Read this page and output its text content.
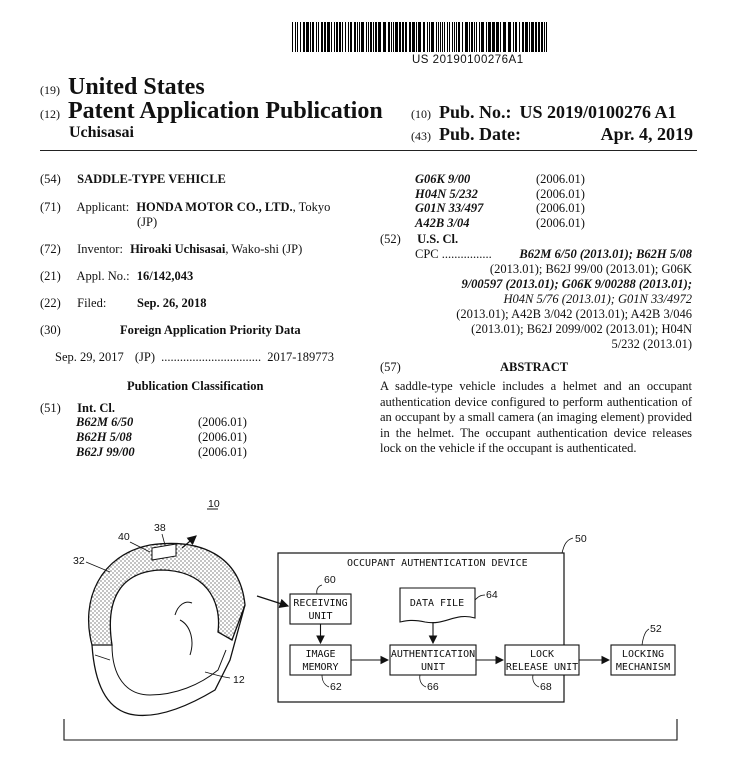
US 20190100276A1
(19) United States
(12) Patent Application Publication
Uchisasai
(10) Pub. No.: US 2019/0100276 A1
(43) Pub. Date:	Apr. 4, 2019
(54) SADDLE-TYPE VEHICLE
(71) Applicant: HONDA MOTOR CO., LTD., Tokyo
(JP)
(72) Inventor: Hiroaki Uchisasai, Wako-shi (JP)
(21) Appl. No.: 16/142,043
(22) Filed: Sep. 26, 2018
(30)	Foreign Application Priority Data
Sep. 29, 2017 (JP) ................................ 2017-189773
Publication Classification
(51) Int. Cl.
B62M 6/50	(2006.01)
B62H 5/08	(2006.01)
B62J 99/00	(2006.01)
G06K 9/00	(2006.01)
H04N 5/232	(2006.01)
G01N 33/497	(2006.01)
A42B 3/04	(2006.01)
(52) U.S. Cl.
CPC ................ B62M 6/50 (2013.01); B62H 5/08
(2013.01); B62J 99/00 (2013.01); G06K
9/00597 (2013.01); G06K 9/00288 (2013.01);
H04N 5/76 (2013.01); G01N 33/4972
(2013.01); A42B 3/042 (2013.01); A42B 3/046
(2013.01); B62J 2099/002 (2013.01); H04N
5/232 (2013.01)
(57)	ABSTRACT
A saddle-type vehicle includes a helmet and an occupant authentication device configured to perform authentication of an occupant by a small camera (an imaging element) provided in the helmet. The occupant authentication device releases lock on the vehicle if the occupant is authenticated.
10
40
38
32
12
OCCUPANT AUTHENTICATION DEVICE
50
RECEIVING
UNIT
60
DATA FILE
64
IMAGE
MEMORY
62
AUTHENTICATION
UNIT
66
LOCK
RELEASE UNIT
68
LOCKING
MECHANISM
52
